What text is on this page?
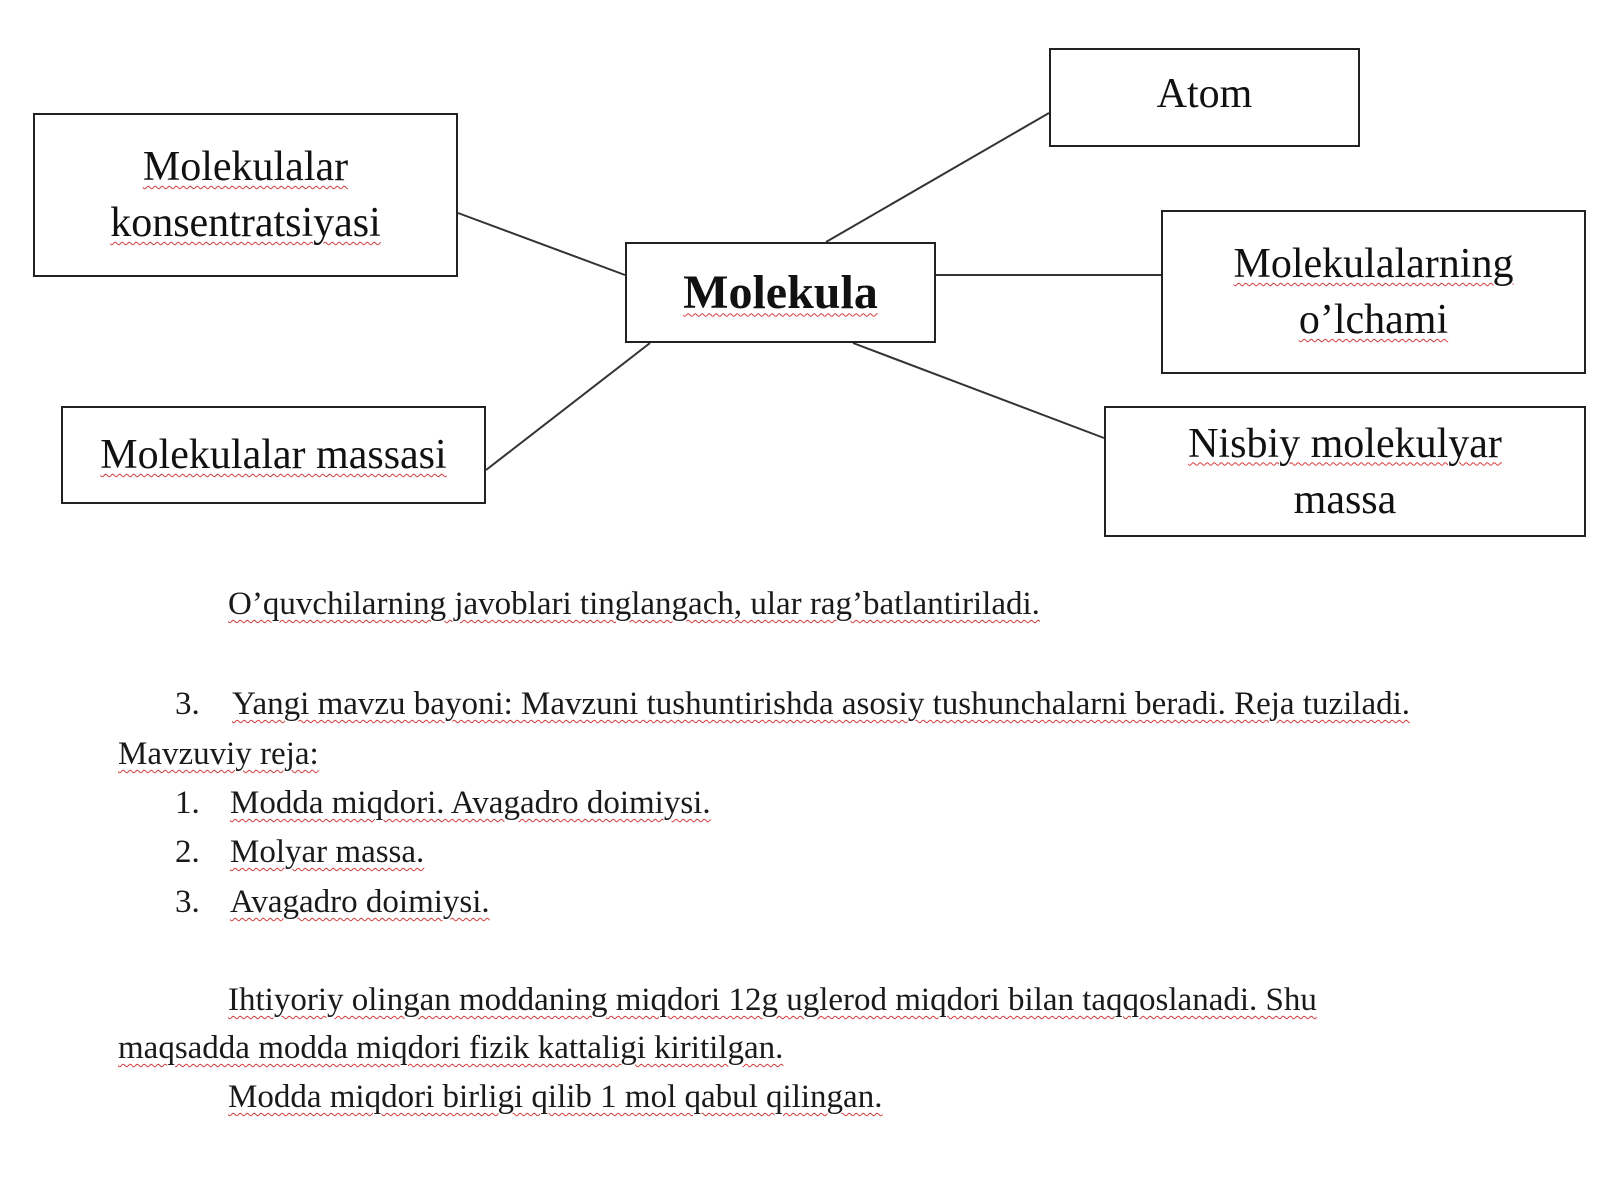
Atom
Molekulalar
konsentratsiyasi
Molekula
Molekulalarning
o’lchami
Molekulalar massasi	Nisbiy molekulyar
massa
O’quvchilarning javoblari tinglangach, ular rag’batlantiriladi.
3. Yangi mavzu bayoni: Mavzuni tushuntirishda asosiy tushunchalarni beradi. Reja tuziladi.
Mavzuviy reja:
1. Modda miqdori. Avagadro doimiysi.
2. Molyar massa.
3. Avagadro doimiysi.
Ihtiyoriy olingan moddaning miqdori 12g uglerod miqdori bilan taqqoslanadi. Shu
maqsadda modda miqdori fizik kattaligi kiritilgan.
Modda miqdori birligi qilib 1 mol qabul qilingan.
